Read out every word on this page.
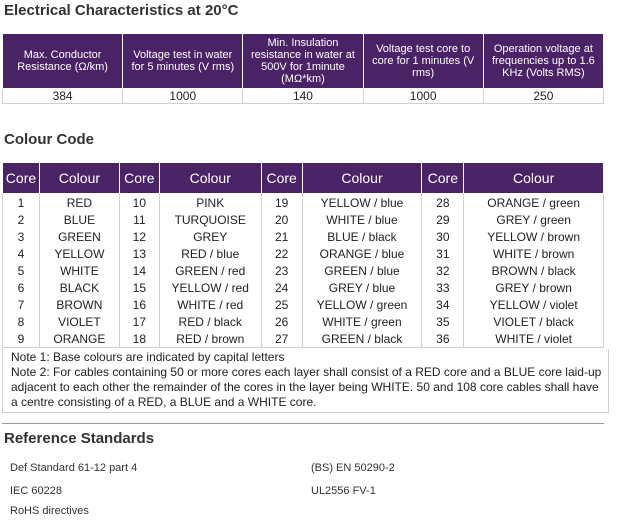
Electrical Characteristics at 20°C
Max. Conductor Resistance (Ω/km)	Voltage test in water for 5 minutes (V rms)	Min. Insulation resistance in water at 500V for 1minute (MΩ*km)	Voltage test core to core for 1 minutes (V rms)	Operation voltage at frequencies up to 1.6 KHz (Volts RMS)
384	1000	140	1000	250
Colour Code
Core	Colour	Core	Colour	Core	Colour	Core	Colour
1	RED	10	PINK	19	YELLOW / blue	28	ORANGE / green
2	BLUE	11	TURQUOISE	20	WHITE / blue	29	GREY / green
3	GREEN	12	GREY	21	BLUE / black	30	YELLOW / brown
4	YELLOW	13	RED / blue	22	ORANGE / blue	31	WHITE / brown
5	WHITE	14	GREEN / red	23	GREEN / blue	32	BROWN / black
6	BLACK	15	YELLOW / red	24	GREY / blue	33	GREY / brown
7	BROWN	16	WHITE / red	25	YELLOW / green	34	YELLOW / violet
8	VIOLET	17	RED / black	26	WHITE / green	35	VIOLET / black
9	ORANGE	18	RED / brown	27	GREEN / black	36	WHITE / violet
Note 1: Base colours are indicated by capital letters
Note 2: For cables containing 50 or more cores each layer shall consist of a RED core and a BLUE core laid-up adjacent to each other the remainder of the cores in the layer being WHITE. 50 and 108 core cables shall have a centre consisting of a RED, a BLUE and a WHITE core.
Reference Standards
Def Standard 61-12 part 4
IEC 60228
RoHS directives
(BS) EN 50290-2
UL2556 FV-1
